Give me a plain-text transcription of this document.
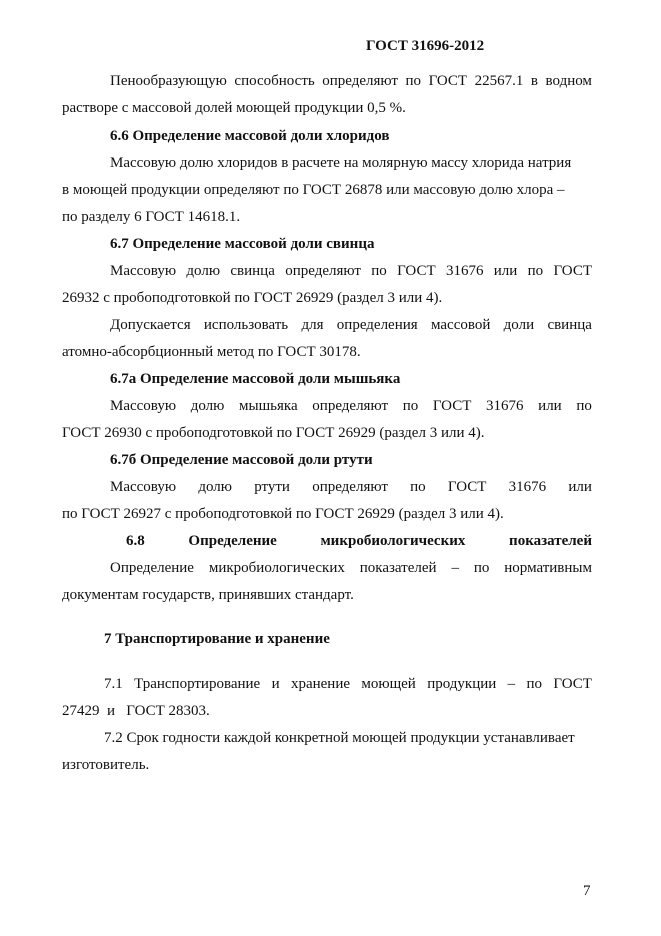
ГОСТ 31696-2012
Пенообразующую способность определяют по ГОСТ 22567.1 в водном
растворе с массовой долей моющей продукции 0,5 %.
6.6 Определение массовой доли хлоридов
Массовую долю хлоридов в расчете на молярную массу хлорида натрия
в моющей продукции определяют по ГОСТ 26878 или массовую долю хлора –
по разделу 6 ГОСТ 14618.1.
6.7 Определение массовой доли свинца
Массовую долю свинца определяют по ГОСТ 31676 или по ГОСТ
26932 с пробоподготовкой по ГОСТ 26929 (раздел 3 или 4).
Допускается использовать для определения массовой доли свинца
атомно-абсорбционный метод по ГОСТ 30178.
6.7а Определение массовой доли мышьяка
Массовую долю мышьяка определяют по ГОСТ 31676 или по
ГОСТ 26930 с пробоподготовкой по ГОСТ 26929 (раздел 3 или 4).
6.7б Определение массовой доли ртути
Массовую долю ртути определяют по ГОСТ 31676 или
по ГОСТ 26927 с пробоподготовкой по ГОСТ 26929 (раздел 3 или 4).
6.8	Определение	микробиологических	показателей
Определение микробиологических показателей – по нормативным
документам государств, принявших стандарт.
7 Транспортирование и хранение
7.1 Транспортирование и хранение моющей продукции – по ГОСТ
27429  и   ГОСТ 28303.
7.2 Срок годности каждой конкретной моющей продукции устанавливает
изготовитель.
7
